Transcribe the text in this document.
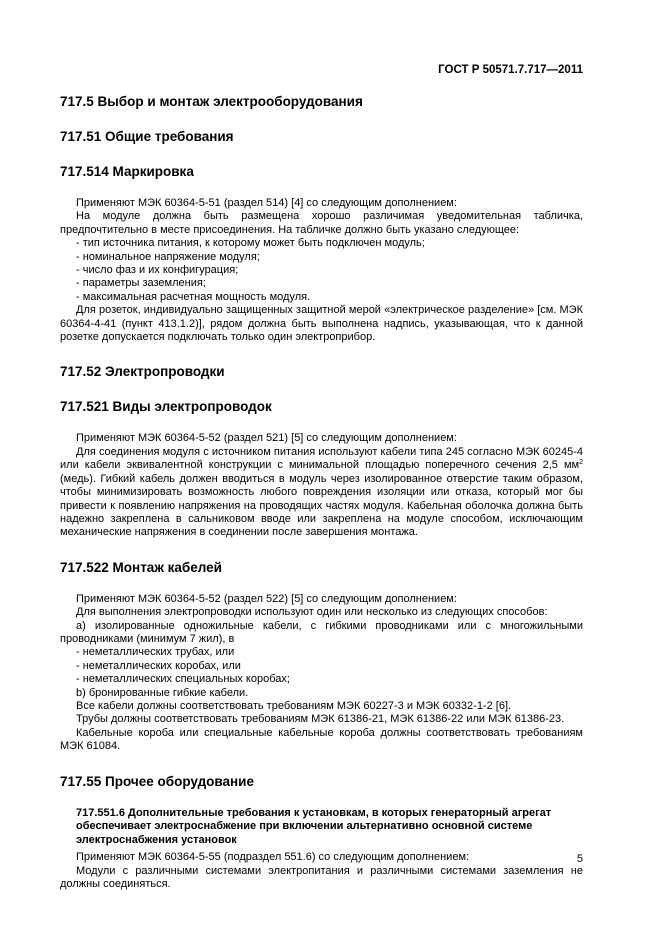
ГОСТ Р 50571.7.717—2011
717.5 Выбор и монтаж электрооборудования
717.51 Общие требования
717.514 Маркировка

Применяют МЭК 60364-5-51 (раздел 514) [4] со следующим дополнением:

На модуле должна быть размещена хорошо различимая уведомительная табличка, предпочтительно в месте присоединения. На табличке должно быть указано следующее:

- тип источника питания, к которому может быть подключен модуль;

- номинальное напряжение модуля;

- число фаз и их конфигурация;

- параметры заземления;

- максимальная расчетная мощность модуля.

Для розеток, индивидуально защищенных защитной мерой «электрическое разделение» [см. МЭК 60364-4-41 (пункт 413.1.2)], рядом должна быть выполнена надпись, указывающая, что к данной розетке допускается подключать только один электроприбор.

717.52 Электропроводки
717.521 Виды электропроводок

Применяют МЭК 60364-5-52 (раздел 521) [5] со следующим дополнением:

Для соединения модуля с источником питания используют кабели типа 245 согласно МЭК 60245-4 или кабели эквивалентной конструкции с минимальной площадью поперечного сечения 2,5 $мм^2$ (медь). Гибкий кабель должен вводиться в модуль через изолированное отверстие таким образом, чтобы минимизировать возможность любого повреждения изоляции или отказа, который мог бы привести к появлению напряжения на проводящих частях модуля. Кабельная оболочка должна быть надежно закреплена в сальниковом вводе или закреплена на модуле способом, исключающим механические напряжения в соединении после завершения монтажа.

717.522 Монтаж кабелей

Применяют МЭК 60364-5-52 (раздел 522) [5] со следующим дополнением:

Для выполнения электропроводки используют один или несколько из следующих способов:

а) изолированные одножильные кабели, с гибкими проводниками или с многожильными проводниками (минимум 7 жил), в

- неметаллических трубах, или

- неметаллических коробах, или

- неметаллических специальных коробах;

b) бронированные гибкие кабели.

Все кабели должны соответствовать требованиям МЭК 60227-3 и МЭК 60332-1-2 [6].

Трубы должны соответствовать требованиям МЭК 61386-21, МЭК 61386-22 или МЭК 61386-23.

Кабельные короба или специальные кабельные короба должны соответствовать требованиям МЭК 61084.

717.55 Прочее оборудование
717.551.6 Дополнительные требования к установкам, в которых генераторный агрегат обеспечивает электроснабжение при включении альтернативно основной системе электроснабжения установок

Применяют МЭК 60364-5-55 (подраздел 551.6) со следующим дополнением:

Модули с различными системами электропитания и различными системами заземления не должны соединяться.

5
